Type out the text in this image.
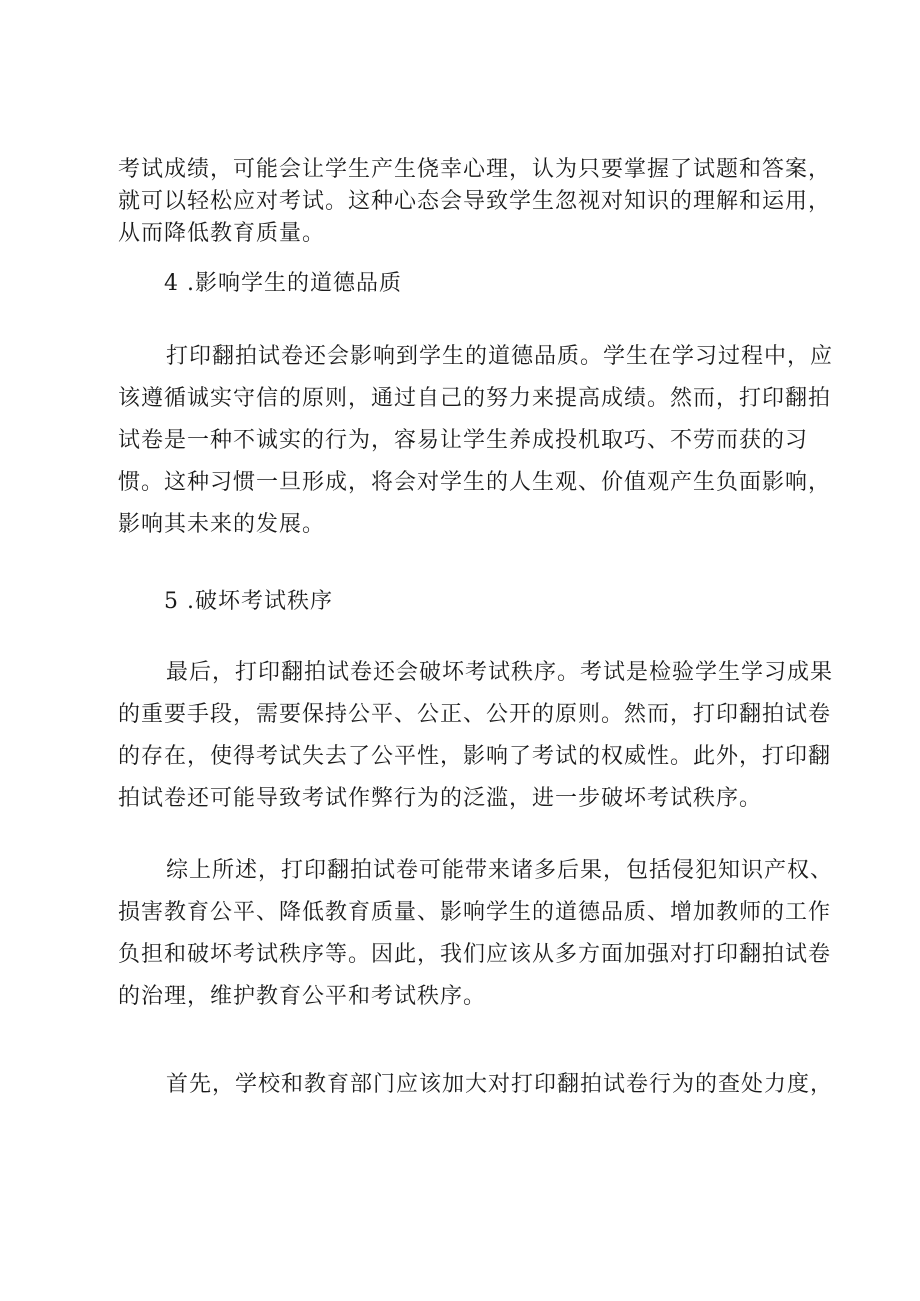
考试成绩，可能会让学生产生侥幸心理，认为只要掌握了试题和答案，就可以轻松应对考试。这种心态会导致学生忽视对知识的理解和运用，从而降低教育质量。

4 .影响学生的道德品质

打印翻拍试卷还会影响到学生的道德品质。学生在学习过程中，应该遵循诚实守信的原则，通过自己的努力来提高成绩。然而，打印翻拍试卷是一种不诚实的行为，容易让学生养成投机取巧、不劳而获的习惯。这种习惯一旦形成，将会对学生的人生观、价值观产生负面影响，影响其未来的发展。

5 .破坏考试秩序

最后，打印翻拍试卷还会破坏考试秩序。考试是检验学生学习成果的重要手段，需要保持公平、公正、公开的原则。然而，打印翻拍试卷的存在，使得考试失去了公平性，影响了考试的权威性。此外，打印翻拍试卷还可能导致考试作弊行为的泛滥，进一步破坏考试秩序。

综上所述，打印翻拍试卷可能带来诸多后果，包括侵犯知识产权、损害教育公平、降低教育质量、影响学生的道德品质、增加教师的工作负担和破坏考试秩序等。因此，我们应该从多方面加强对打印翻拍试卷的治理，维护教育公平和考试秩序。

首先，学校和教育部门应该加大对打印翻拍试卷行为的查处力度，
